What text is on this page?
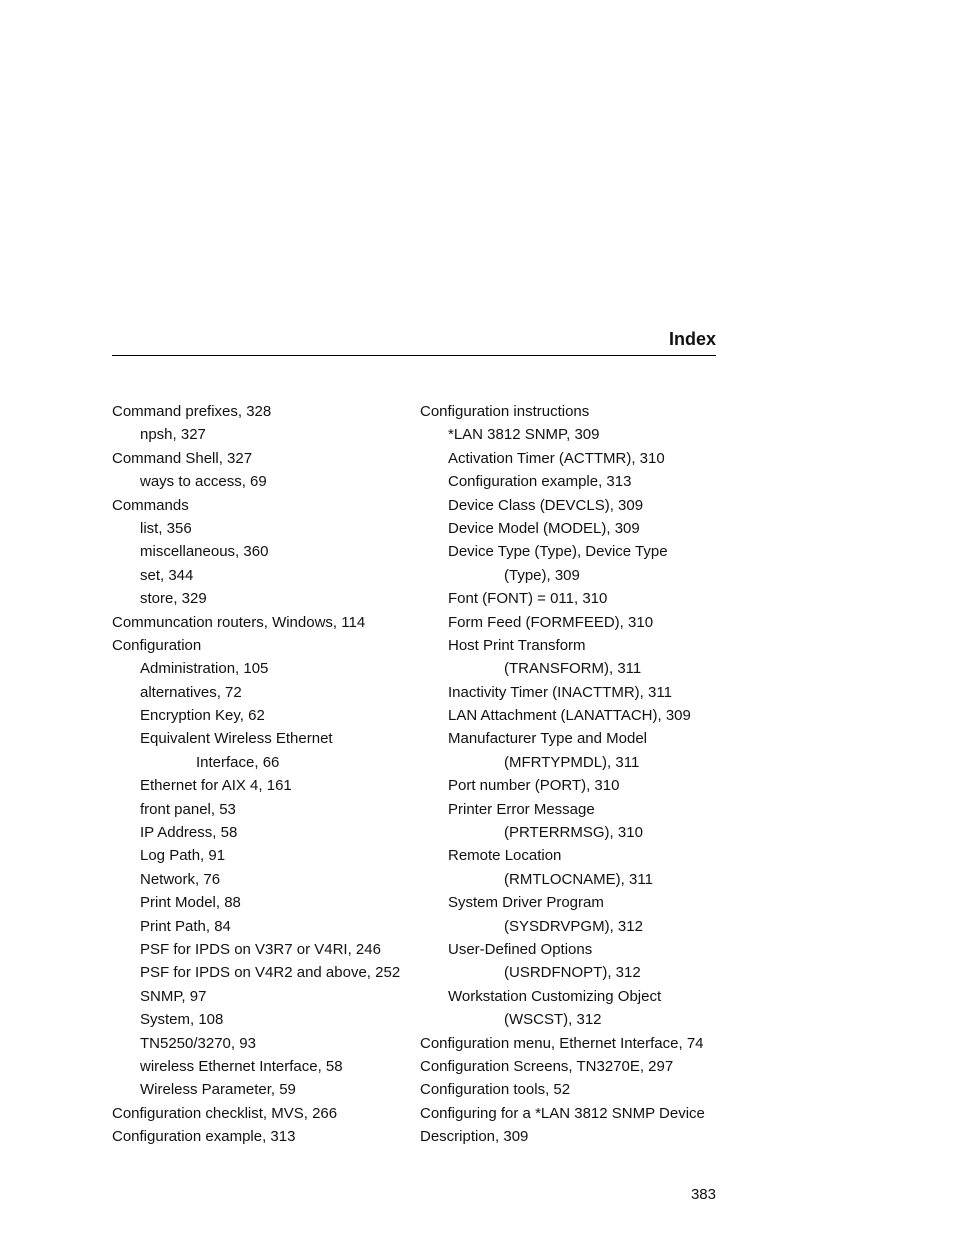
Index
Command prefixes, 328
npsh, 327
Command Shell, 327
ways to access, 69
Commands
list, 356
miscellaneous, 360
set, 344
store, 329
Communcation routers, Windows, 114
Configuration
Administration, 105
alternatives, 72
Encryption Key, 62
Equivalent Wireless Ethernet
Interface, 66
Ethernet for AIX 4, 161
front panel, 53
IP Address, 58
Log Path, 91
Network, 76
Print Model, 88
Print Path, 84
PSF for IPDS on V3R7 or V4RI, 246
PSF for IPDS on V4R2 and above, 252
SNMP, 97
System, 108
TN5250/3270, 93
wireless Ethernet Interface, 58
Wireless Parameter, 59
Configuration checklist, MVS, 266
Configuration example, 313
Configuration instructions
*LAN 3812 SNMP, 309
Activation Timer (ACTTMR), 310
Configuration example, 313
Device Class (DEVCLS), 309
Device Model (MODEL), 309
Device Type (Type), Device Type
(Type), 309
Font (FONT) = 011, 310
Form Feed (FORMFEED), 310
Host Print Transform
(TRANSFORM), 311
Inactivity Timer (INACTTMR), 311
LAN Attachment (LANATTACH), 309
Manufacturer Type and Model
(MFRTYPMDL), 311
Port number (PORT), 310
Printer Error Message
(PRTERRMSG), 310
Remote Location
(RMTLOCNAME), 311
System Driver Program
(SYSDRVPGM), 312
User-Defined Options
(USRDFNOPT), 312
Workstation Customizing Object
(WSCST), 312
Configuration menu, Ethernet Interface, 74
Configuration Screens, TN3270E, 297
Configuration tools, 52
Configuring for a *LAN 3812 SNMP Device
Description, 309
383
